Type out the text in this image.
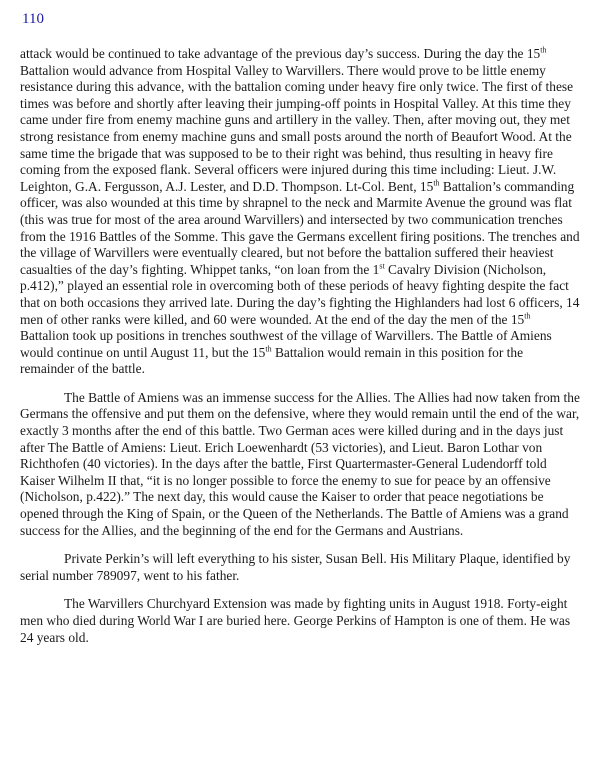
110

attack would be continued to take advantage of the previous day’s success. During the day the 15th Battalion would advance from Hospital Valley to Warvillers. There would prove to be little enemy resistance during this advance, with the battalion coming under heavy fire only twice. The first of these times was before and shortly after leaving their jumping-off points in Hospital Valley. At this time they came under fire from enemy machine guns and artillery in the valley. Then, after moving out, they met strong resistance from enemy machine guns and small posts around the north of Beaufort Wood. At the same time the brigade that was supposed to be to their right was behind, thus resulting in heavy fire coming from the exposed flank. Several officers were injured during this time including: Lieut. J.W. Leighton, G.A. Fergusson, A.J. Lester, and D.D. Thompson. Lt-Col. Bent, 15th Battalion’s commanding officer, was also wounded at this time by shrapnel to the neck and Marmite Avenue the ground was flat (this was true for most of the area around Warvillers) and intersected by two communication trenches from the 1916 Battles of the Somme. This gave the Germans excellent firing positions. The trenches and the village of Warvillers were eventually cleared, but not before the battalion suffered their heaviest casualties of the day’s fighting. Whippet tanks, “on loan from the 1st Cavalry Division (Nicholson, p.412),” played an essential role in overcoming both of these periods of heavy fighting despite the fact that on both occasions they arrived late. During the day’s fighting the Highlanders had lost 6 officers, 14 men of other ranks were killed, and 60 were wounded. At the end of the day the men of the 15th Battalion took up positions in trenches southwest of the village of Warvillers. The Battle of Amiens would continue on until August 11, but the 15th Battalion would remain in this position for the remainder of the battle.

The Battle of Amiens was an immense success for the Allies. The Allies had now taken from the Germans the offensive and put them on the defensive, where they would remain until the end of the war, exactly 3 months after the end of this battle. Two German aces were killed during and in the days just after The Battle of Amiens: Lieut. Erich Loewenhardt (53 victories), and Lieut. Baron Lothar von Richthofen (40 victories). In the days after the battle, First Quartermaster-General Ludendorff told Kaiser Wilhelm II that, “it is no longer possible to force the enemy to sue for peace by an offensive (Nicholson, p.422).” The next day, this would cause the Kaiser to order that peace negotiations be opened through the King of Spain, or the Queen of the Netherlands. The Battle of Amiens was a grand success for the Allies, and the beginning of the end for the Germans and Austrians.

Private Perkin’s will left everything to his sister, Susan Bell. His Military Plaque, identified by serial number 789097, went to his father.

The Warvillers Churchyard Extension was made by fighting units in August 1918. Forty-eight men who died during World War I are buried here. George Perkins of Hampton is one of them. He was 24 years old.
